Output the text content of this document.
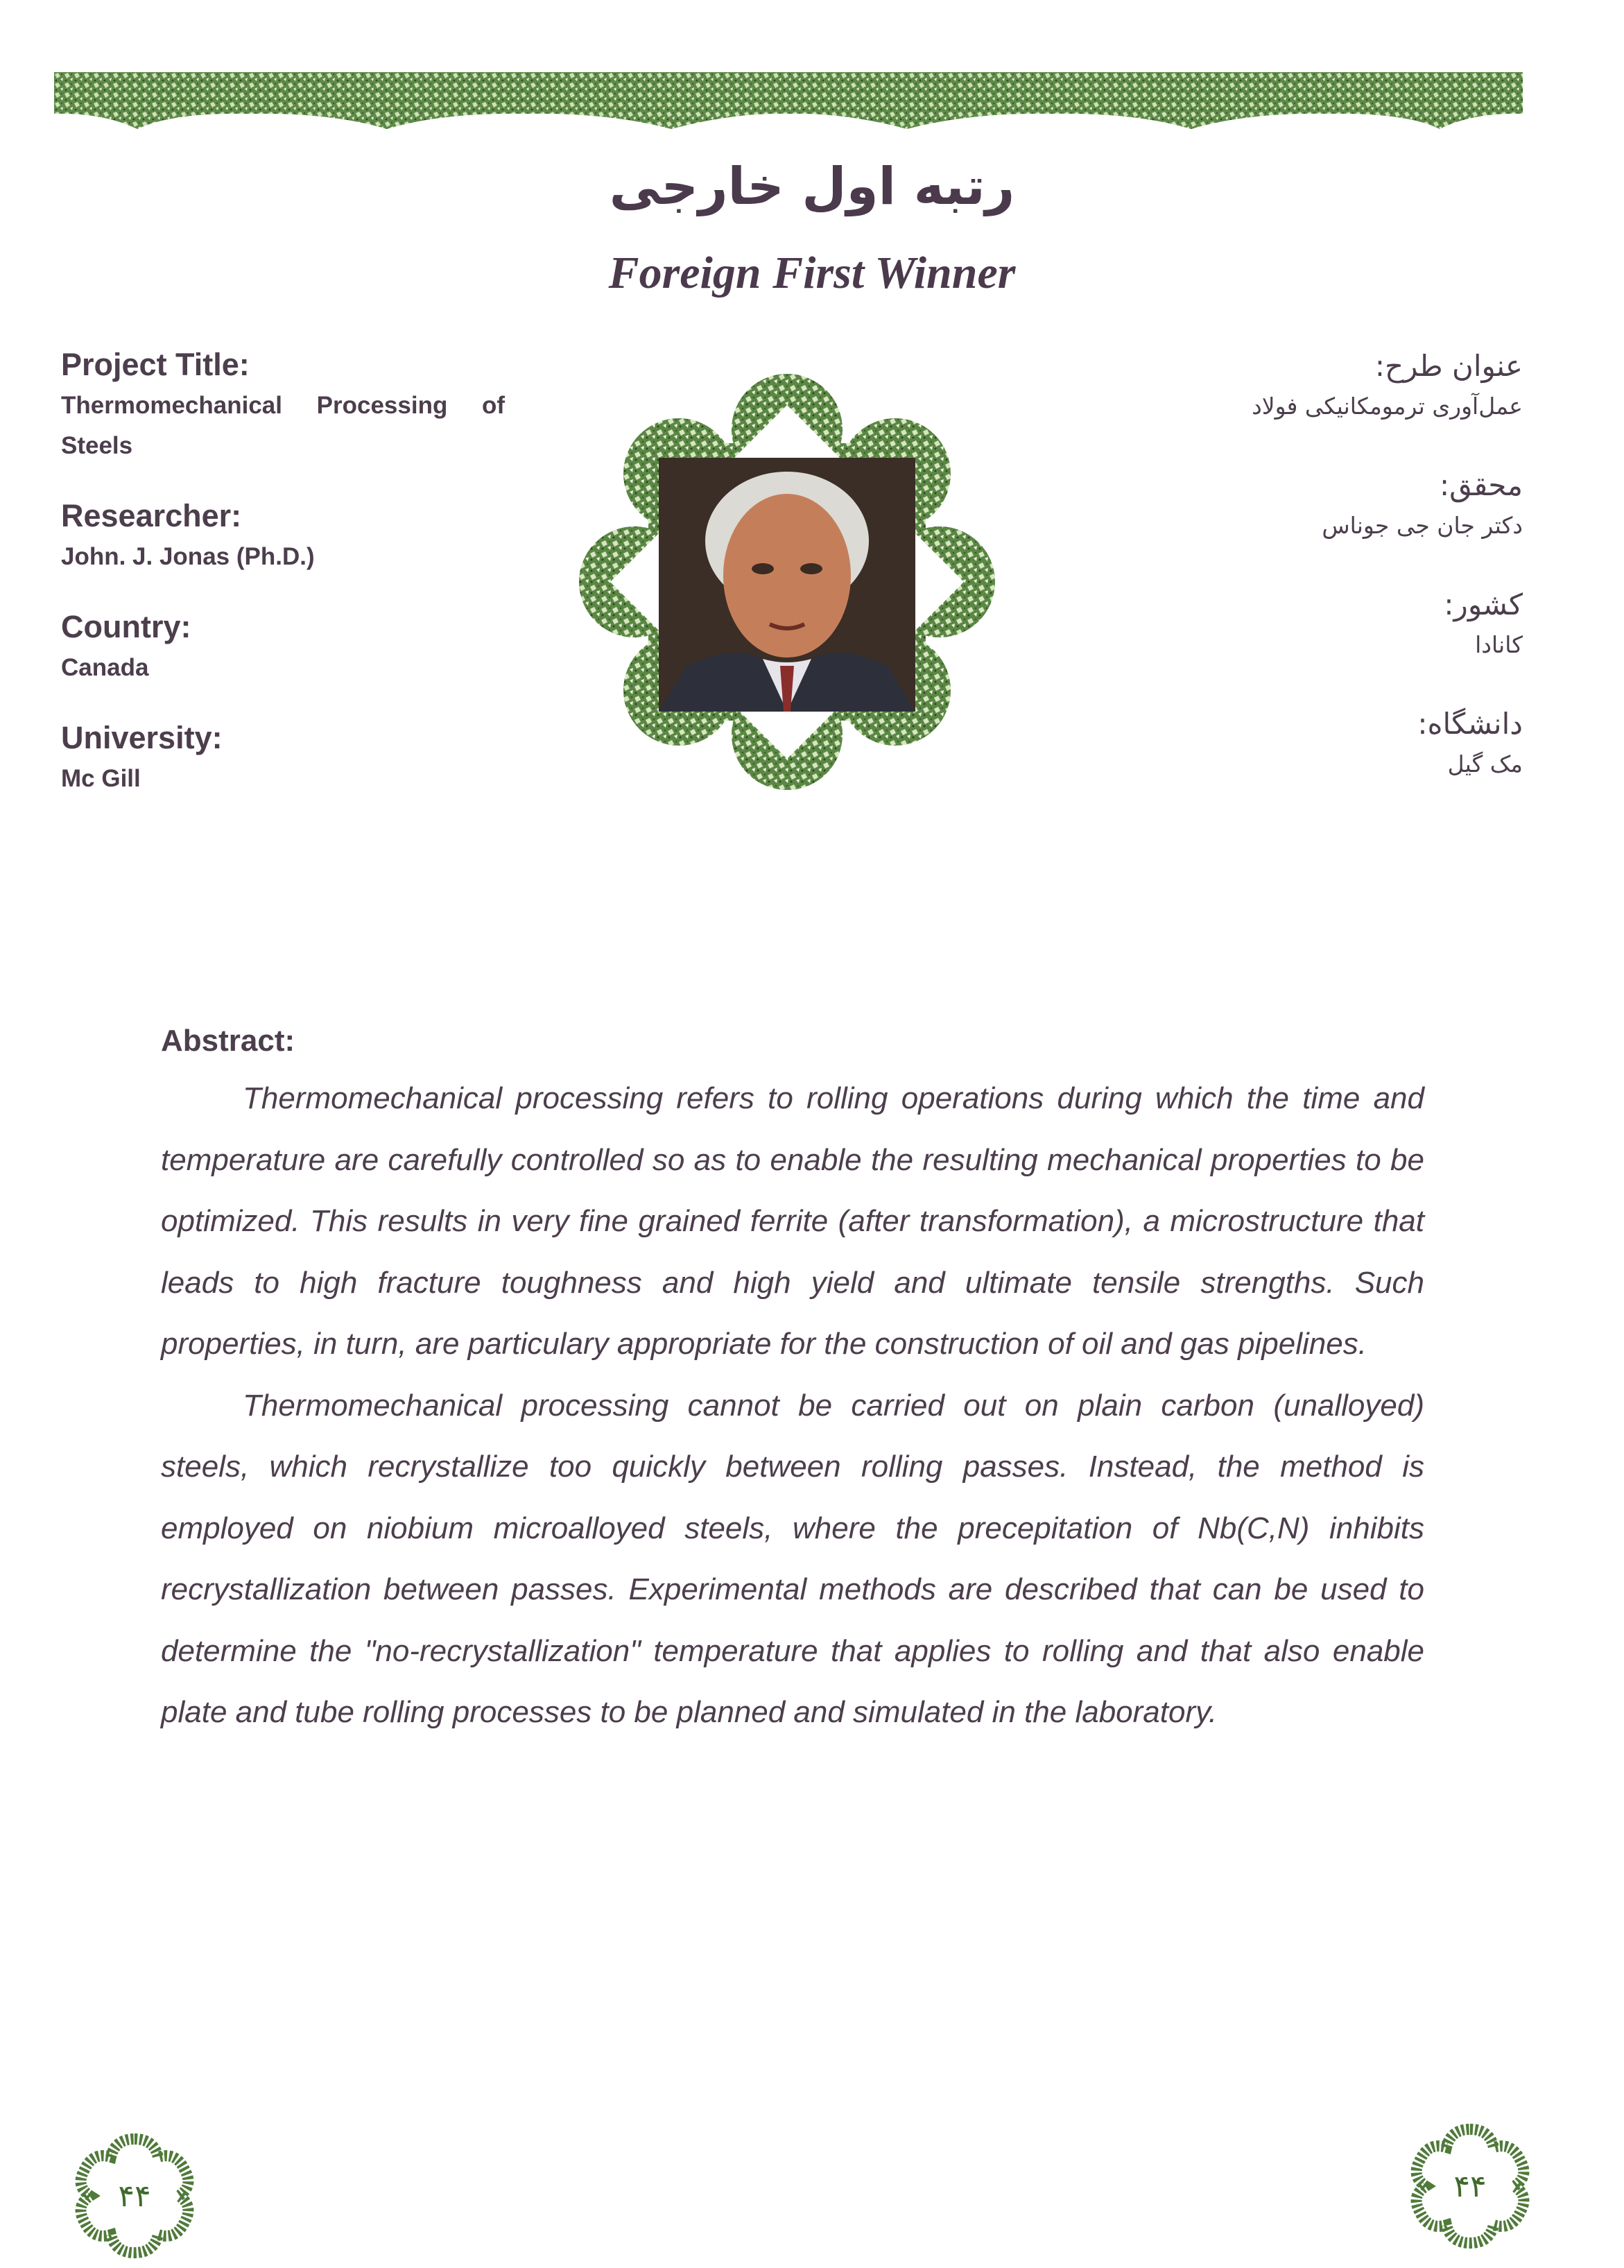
رتبه اول خارجی
Foreign First Winner
Project Title:
Thermomechanical Processing of Steels
Researcher:
John. J. Jonas (Ph.D.)
Country:
Canada
University:
Mc Gill
عنوان طرح:
عمل‌آوری ترمومکانیکی فولاد
محقق:
دکتر جان جی جوناس
کشور:
کانادا
دانشگاه:
مک گیل
Abstract:

Thermomechanical processing refers to rolling operations during which the time and temperature are carefully controlled so as to enable the resulting mechanical properties to be optimized. This results in very fine grained ferrite (after transformation), a microstructure that leads to high fracture toughness and high yield and ultimate tensile strengths. Such properties, in turn, are particulary appropriate for the construction of oil and gas pipelines.

Thermomechanical processing cannot be carried out on plain carbon (unalloyed) steels, which recrystallize too quickly between rolling passes. Instead, the method is employed on niobium microalloyed steels, where the precepitation of Nb(C,N) inhibits recrystallization between passes. Experimental methods are described that can be used to determine the "no-recrystallization" temperature that applies to rolling and that also enable plate and tube rolling processes to be planned and simulated in the laboratory.

۴۴	۴۴
